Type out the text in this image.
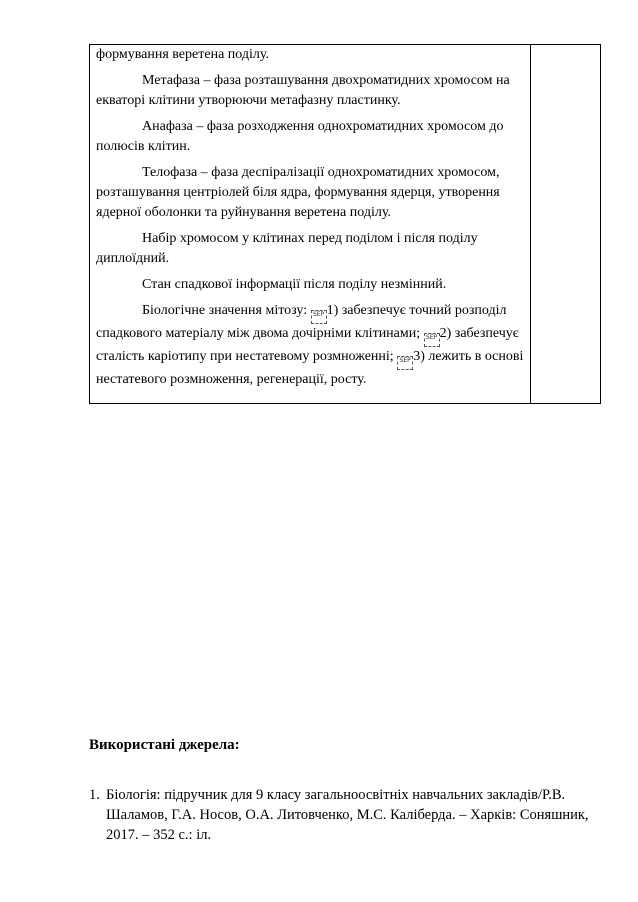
формування веретена поділу.

Метафаза – фаза розташування двохроматидних хромосом на екваторі клітини утворюючи метафазну пластинку.

Анафаза – фаза розходження однохроматидних хромосом до полюсів клітин.

Телофаза – фаза деспіралізації однохроматидних хромосом, розташування центріолей біля ядра, формування ядерця, утворення ядерної оболонки та руйнування веретена поділу.

Набір хромосом у клітинах перед поділом і після поділу диплоїдний.

Стан спадкової інформації після поділу незмінний.

Біологічне значення мітозу: SEP 1) забезпечує точний розподіл спадкового матеріалу між двома дочірніми клітинами; SEP 2) забезпечує сталість каріотипу при нестатевому розмноженні; SEP 3) лежить в основі нестатевого розмноження, регенерації, росту.

Використані джерела:
1. Біологія: підручник для 9 класу загальноосвітніх навчальних закладів/Р.В. Шаламов, Г.А. Носов, О.А. Литовченко, М.С. Каліберда. – Харків: Соняшник, 2017. – 352 с.: іл.
